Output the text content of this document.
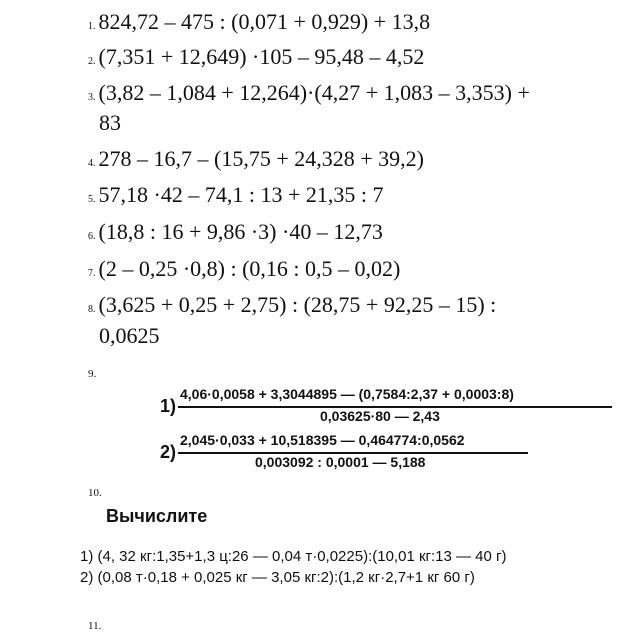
1. 824,72 – 475 : (0,071 + 0,929) + 13,8
2. (7,351 + 12,649) ·105 – 95,48 – 4,52
3. (3,82 – 1,084 + 12,264)·(4,27 + 1,083 – 3,353) +
83
4. 278 – 16,7 – (15,75 + 24,328 + 39,2)
5. 57,18 ·42 – 74,1 : 13 + 21,35 : 7
6. (18,8 : 16 + 9,86 ·3) ·40 – 12,73
7. (2 – 0,25 ·0,8) : (0,16 : 0,5 – 0,02)
8. (3,625 + 0,25 + 2,75) : (28,75 + 92,25 – 15) :
0,0625
9.
1)
4,06·0,0058 + 3,3044895 — (0,7584:2,37 + 0,0003:8)
0,03625·80 — 2,43
2)
2,045·0,033 + 10,518395 — 0,464774:0,0562
0,003092 : 0,0001 — 5,188
10.
Вычислите
1) (4, 32 кг:1,35+1,3 ц:26 — 0,04 т·0,0225):(10,01 кг:13 — 40 г)
2) (0,08 т·0,18 + 0,025 кг — 3,05 кг:2):(1,2 кг·2,7+1 кг 60 г)
11.
